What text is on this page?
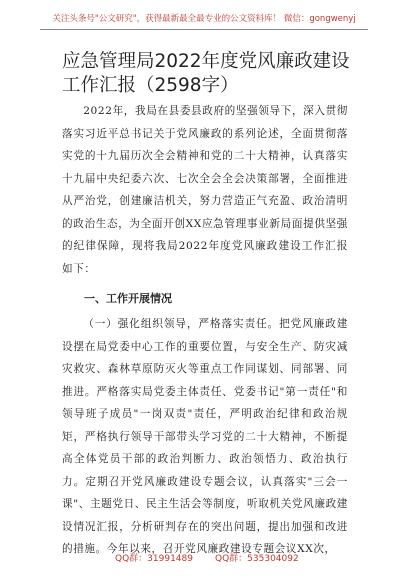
关注头条号"公文研究"，获得最新最全最专业的公文资料库！ 微信：gongwenyj
应急管理局2022年度党风廉政建设工作汇报（2598字）

2022年，我局在县委县政府的坚强领导下，深入贯彻落实习近平总书记关于党风廉政的系列论述，全面贯彻落实党的十九届历次全会精神和党的二十大精神，认真落实十九届中央纪委六次、七次全会全会决策部署，全面推进从严治党，创建廉洁机关，努力营造正气充盈、政治清明的政治生态，为全面开创XX应急管理事业新局面提供坚强的纪律保障，现将我局2022年度党风廉政建设工作汇报如下：

一、工作开展情况

（一）强化组织领导，严格落实责任。把党风廉政建设摆在局党委中心工作的重要位置，与安全生产、防灾减灾救灾、森林草原防灭火等重点工作同谋划、同部署、同推进。严格落实局党委主体责任、党委书记"第一责任"和领导班子成员"一岗双责"责任，严明政治纪律和政治规矩，严格执行领导干部带头学习党的二十大精神，不断提高全体党员干部的政治判断力、政治领悟力、政治执行力。定期召开党风廉政建设专题会议，认真落实"三会一课"、主题党日、民主生活会等制度，听取机关党风廉政建设情况汇报，分析研判存在的突出问题，提出加强和改进的措施。今年以来，召开党风廉政建设专题会议XX次，

QQ群：31991489 QQ群：535304092
